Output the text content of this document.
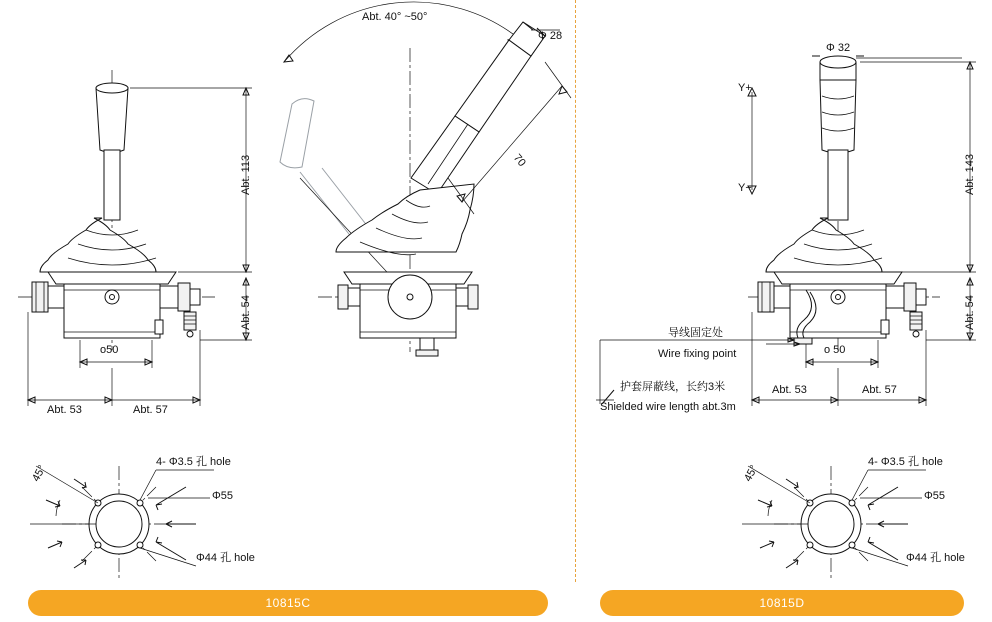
Abt. 113
Abt. 54
o50
Abt. 53	Abt. 57
Abt. 40° ~50°
Φ 28
70
Y+
Y−
Φ 32
Abt. 143
Abt. 54
o 50
Abt. 53	Abt. 57
导线固定处
Wire fixing point
护套屏蔽线，长约3米
Shielded wire length abt.3m
45°
4- Φ3.5 孔 hole
Φ55
Φ44 孔 hole
45°
4- Φ3.5 孔 hole
Φ55
Φ44 孔 hole
10815C	10815D
